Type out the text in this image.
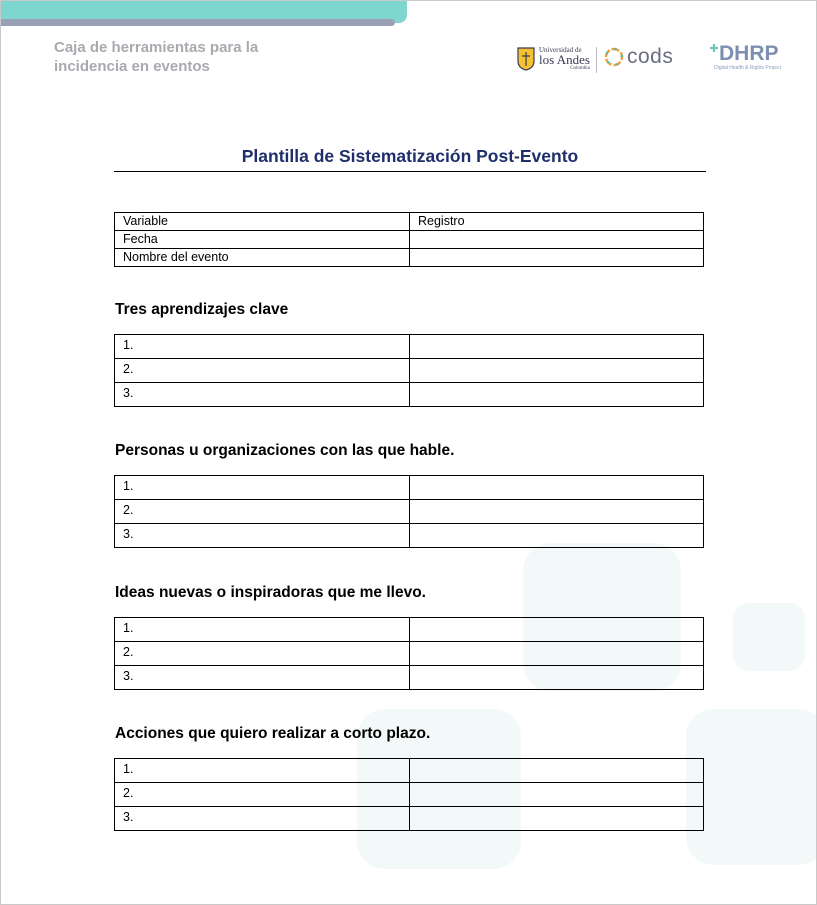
Caja de herramientas para la incidencia en eventos
Universidad de
los Andes
Colombia cods DHRP
Digital Health & Rights Project
Plantilla de Sistematización Post-Evento
Variable	Registro
Fecha	
Nombre del evento	
Tres aprendizajes clave
1.	
2.	
3.	
Personas u organizaciones con las que hable.
1.	
2.	
3.	
Ideas nuevas o inspiradoras que me llevo.
1.	
2.	
3.	
Acciones que quiero realizar a corto plazo.
1.	
2.	
3.	
